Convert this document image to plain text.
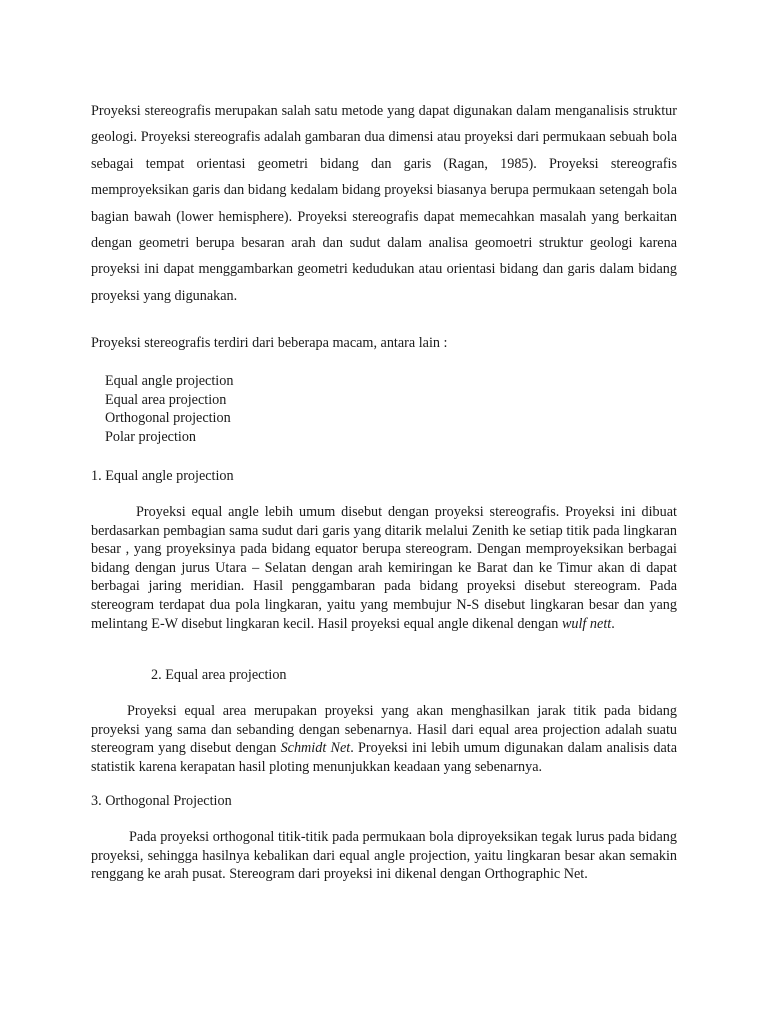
Proyeksi stereografis merupakan salah satu metode yang dapat digunakan dalam menganalisis struktur geologi. Proyeksi stereografis adalah gambaran dua dimensi atau proyeksi dari permukaan sebuah bola sebagai tempat orientasi geometri bidang dan garis (Ragan, 1985). Proyeksi stereografis memproyeksikan garis dan bidang kedalam bidang proyeksi biasanya berupa permukaan setengah bola bagian bawah (lower hemisphere). Proyeksi stereografis dapat memecahkan masalah yang berkaitan dengan geometri berupa besaran arah dan sudut dalam analisa geomoetri struktur geologi karena proyeksi ini dapat menggambarkan geometri kedudukan atau orientasi bidang dan garis dalam bidang proyeksi yang digunakan.

Proyeksi stereografis terdiri dari beberapa macam, antara lain :

Equal angle projection
Equal area projection
Orthogonal projection
Polar projection

1. Equal angle projection

Proyeksi equal angle lebih umum disebut dengan proyeksi stereografis. Proyeksi ini dibuat berdasarkan pembagian sama sudut dari garis yang ditarik melalui Zenith ke setiap titik pada lingkaran besar , yang proyeksinya pada bidang equator berupa stereogram. Dengan memproyeksikan berbagai bidang dengan jurus Utara – Selatan dengan arah kemiringan ke Barat dan ke Timur akan di dapat berbagai jaring meridian. Hasil penggambaran pada bidang proyeksi disebut stereogram. Pada stereogram terdapat dua pola lingkaran, yaitu yang membujur N-S disebut lingkaran besar dan yang melintang E-W disebut lingkaran kecil. Hasil proyeksi equal angle dikenal dengan wulf nett.

2. Equal area projection

Proyeksi equal area merupakan proyeksi yang akan menghasilkan jarak titik pada bidang proyeksi yang sama dan sebanding dengan sebenarnya. Hasil dari equal area projection adalah suatu stereogram yang disebut dengan Schmidt Net. Proyeksi ini lebih umum digunakan dalam analisis data statistik karena kerapatan hasil ploting menunjukkan keadaan yang sebenarnya.

3. Orthogonal Projection

Pada proyeksi orthogonal titik-titik pada permukaan bola diproyeksikan tegak lurus pada bidang proyeksi, sehingga hasilnya kebalikan dari equal angle projection, yaitu lingkaran besar akan semakin renggang ke arah pusat. Stereogram dari proyeksi ini dikenal dengan Orthographic Net.
